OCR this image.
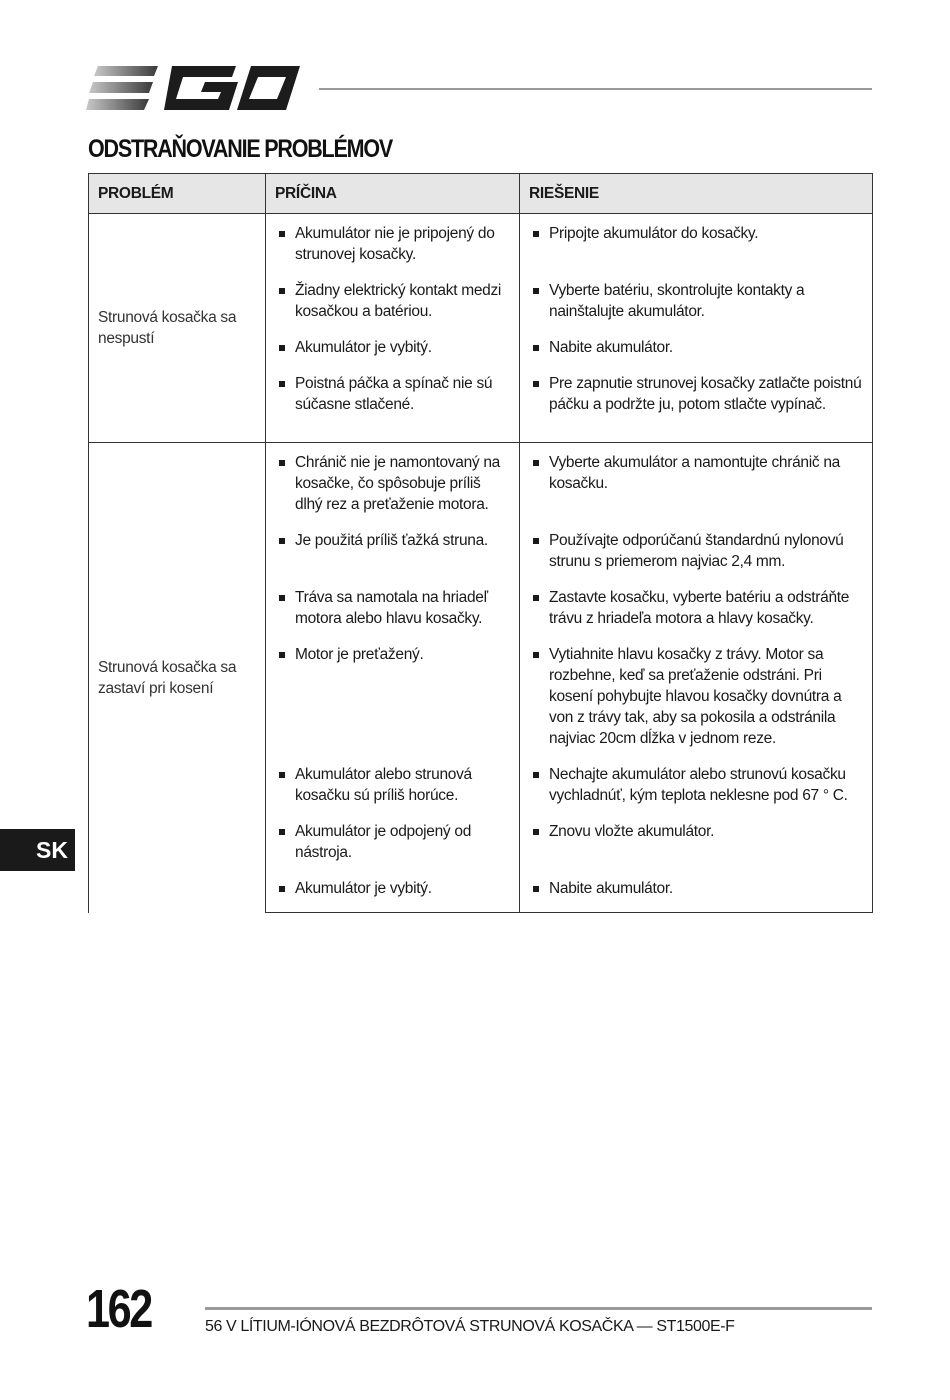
ODSTRAŇOVANIE PROBLÉMOV
PROBLÉM	PRÍČINA	RIEŠENIE
Strunová kosačka sa nespustí	Akumulátor nie je pripojený do strunovej kosačky.	Pripojte akumulátor do kosačky.

	Žiadny elektrický kontakt medzi kosačkou a batériou.	Vyberte batériu, skontrolujte kontakty a nainštalujte akumulátor.

	Akumulátor je vybitý.	Nabite akumulátor.

	Poistná páčka a spínač nie sú súčasne stlačené.	Pre zapnutie strunovej kosačky zatlačte poistnú páčku a podržte ju, potom stlačte vypínač.

Strunová kosačka sa zastaví pri kosení	Chránič nie je namontovaný na kosačke, čo spôsobuje príliš dlhý rez a preťaženie motora.	Vyberte akumulátor a namontujte chránič na kosačku.

	Je použitá príliš ťažká struna.	Používajte odporúčanú štandardnú nylonovú strunu s priemerom najviac 2,4 mm.

	Tráva sa namotala na hriadeľ motora alebo hlavu kosačky.	Zastavte kosačku, vyberte batériu a odstráňte trávu z hriadeľa motora a hlavy kosačky.

	Motor je preťažený.	Vytiahnite hlavu kosačky z trávy. Motor sa rozbehne, keď sa preťaženie odstráni. Pri kosení pohybujte hlavou kosačky dovnútra a von z trávy tak, aby sa pokosila a odstránila najviac 20cm dĺžka v jednom reze.

	Akumulátor alebo strunová kosačku sú príliš horúce.	Nechajte akumulátor alebo strunovú kosačku vychladnúť, kým teplota neklesne pod 67 ° C.

	Akumulátor je odpojený od nástroja.	Znovu vložte akumulátor.

	Akumulátor je vybitý.	Nabite akumulátor.
SK
162	56 V LÍTIUM-IÓNOVÁ BEZDRÔTOVÁ STRUNOVÁ KOSAČKA — ST1500E-F
